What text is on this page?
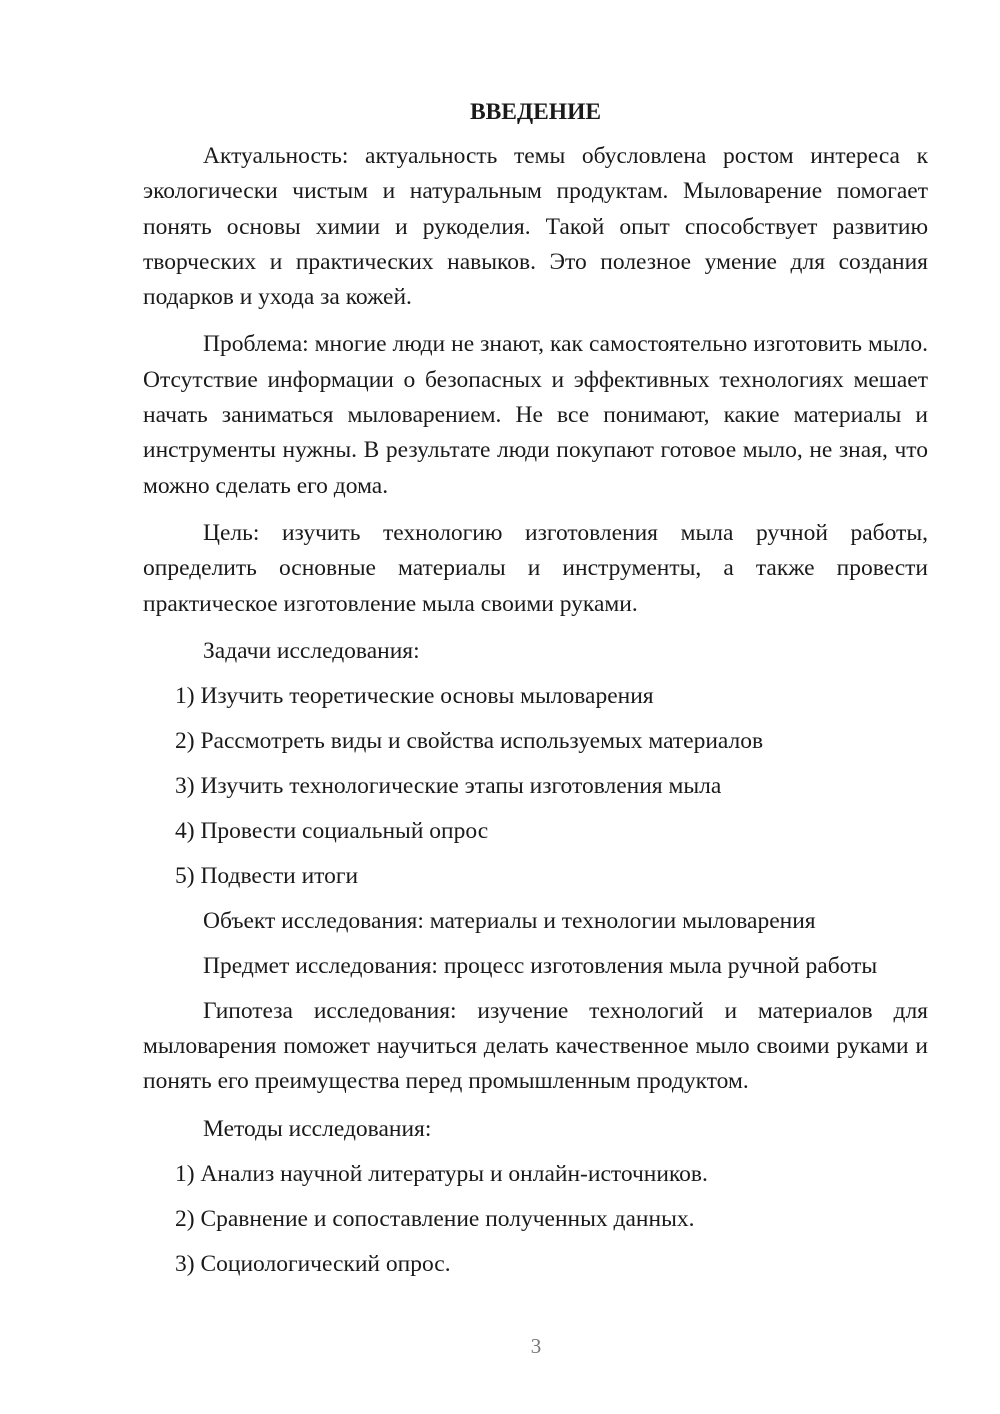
ВВЕДЕНИЕ

Актуальность: актуальность темы обусловлена ростом интереса к экологически чистым и натуральным продуктам. Мыловарение помогает понять основы химии и рукоделия. Такой опыт способствует развитию творческих и практических навыков. Это полезное умение для создания подарков и ухода за кожей.

Проблема: многие люди не знают, как самостоятельно изготовить мыло. Отсутствие информации о безопасных и эффективных технологиях мешает начать заниматься мыловарением. Не все понимают, какие материалы и инструменты нужны. В результате люди покупают готовое мыло, не зная, что можно сделать его дома.

Цель: изучить технологию изготовления мыла ручной работы, определить основные материалы и инструменты, а также провести практическое изготовление мыла своими руками.

Задачи исследования:
1) Изучить теоретические основы мыловарения
2) Рассмотреть виды и свойства используемых материалов
3) Изучить технологические этапы изготовления мыла
4) Провести социальный опрос
5) Подвести итоги
Объект исследования: материалы и технологии мыловарения
Предмет исследования: процесс изготовления мыла ручной работы

Гипотеза исследования: изучение технологий и материалов для мыловарения поможет научиться делать качественное мыло своими руками и понять его преимущества перед промышленным продуктом.

Методы исследования:
1) Анализ научной литературы и онлайн-источников.
2) Сравнение и сопоставление полученных данных.
3) Социологический опрос.
3
